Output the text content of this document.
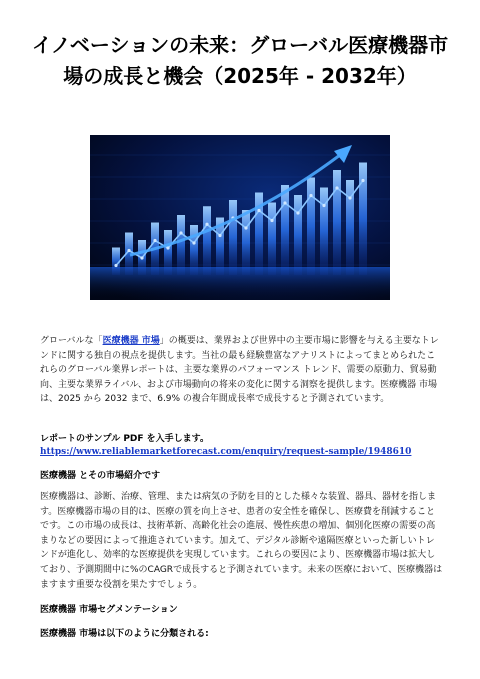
イノベーションの未来：グローバル医療機器市
場の成長と機会（2025年 - 2032年）

グローバルな「医療機器 市場」の概要は、業界および世界中の主要市場に影響を与える主要なトレンドに関する独自の視点を提供します。当社の最も経験豊富なアナリストによってまとめられたこれらのグローバル業界レポートは、主要な業界のパフォーマンス トレンド、需要の原動力、貿易動向、主要な業界ライバル、および市場動向の将来の変化に関する洞察を提供します。医療機器 市場は、2025 から 2032 まで、6.9% の複合年間成長率で成長すると予測されています。

レポートのサンプル PDF を入手します。

https://www.reliablemarketforecast.com/enquiry/request-sample/1948610

医療機器 とその市場紹介です

医療機器は、診断、治療、管理、または病気の予防を目的とした様々な装置、器具、器材を指します。医療機器市場の目的は、医療の質を向上させ、患者の安全性を確保し、医療費を削減することです。この市場の成長は、技術革新、高齢化社会の進展、慢性疾患の増加、個別化医療の需要の高まりなどの要因によって推進されています。加えて、デジタル診断や遠隔医療といった新しいトレンドが進化し、効率的な医療提供を実現しています。これらの要因により、医療機器市場は拡大しており、予測期間中に%のCAGRで成長すると予測されています。未来の医療において、医療機器はますます重要な役割を果たすでしょう。

医療機器 市場セグメンテーション

医療機器 市場は以下のように分類される:
